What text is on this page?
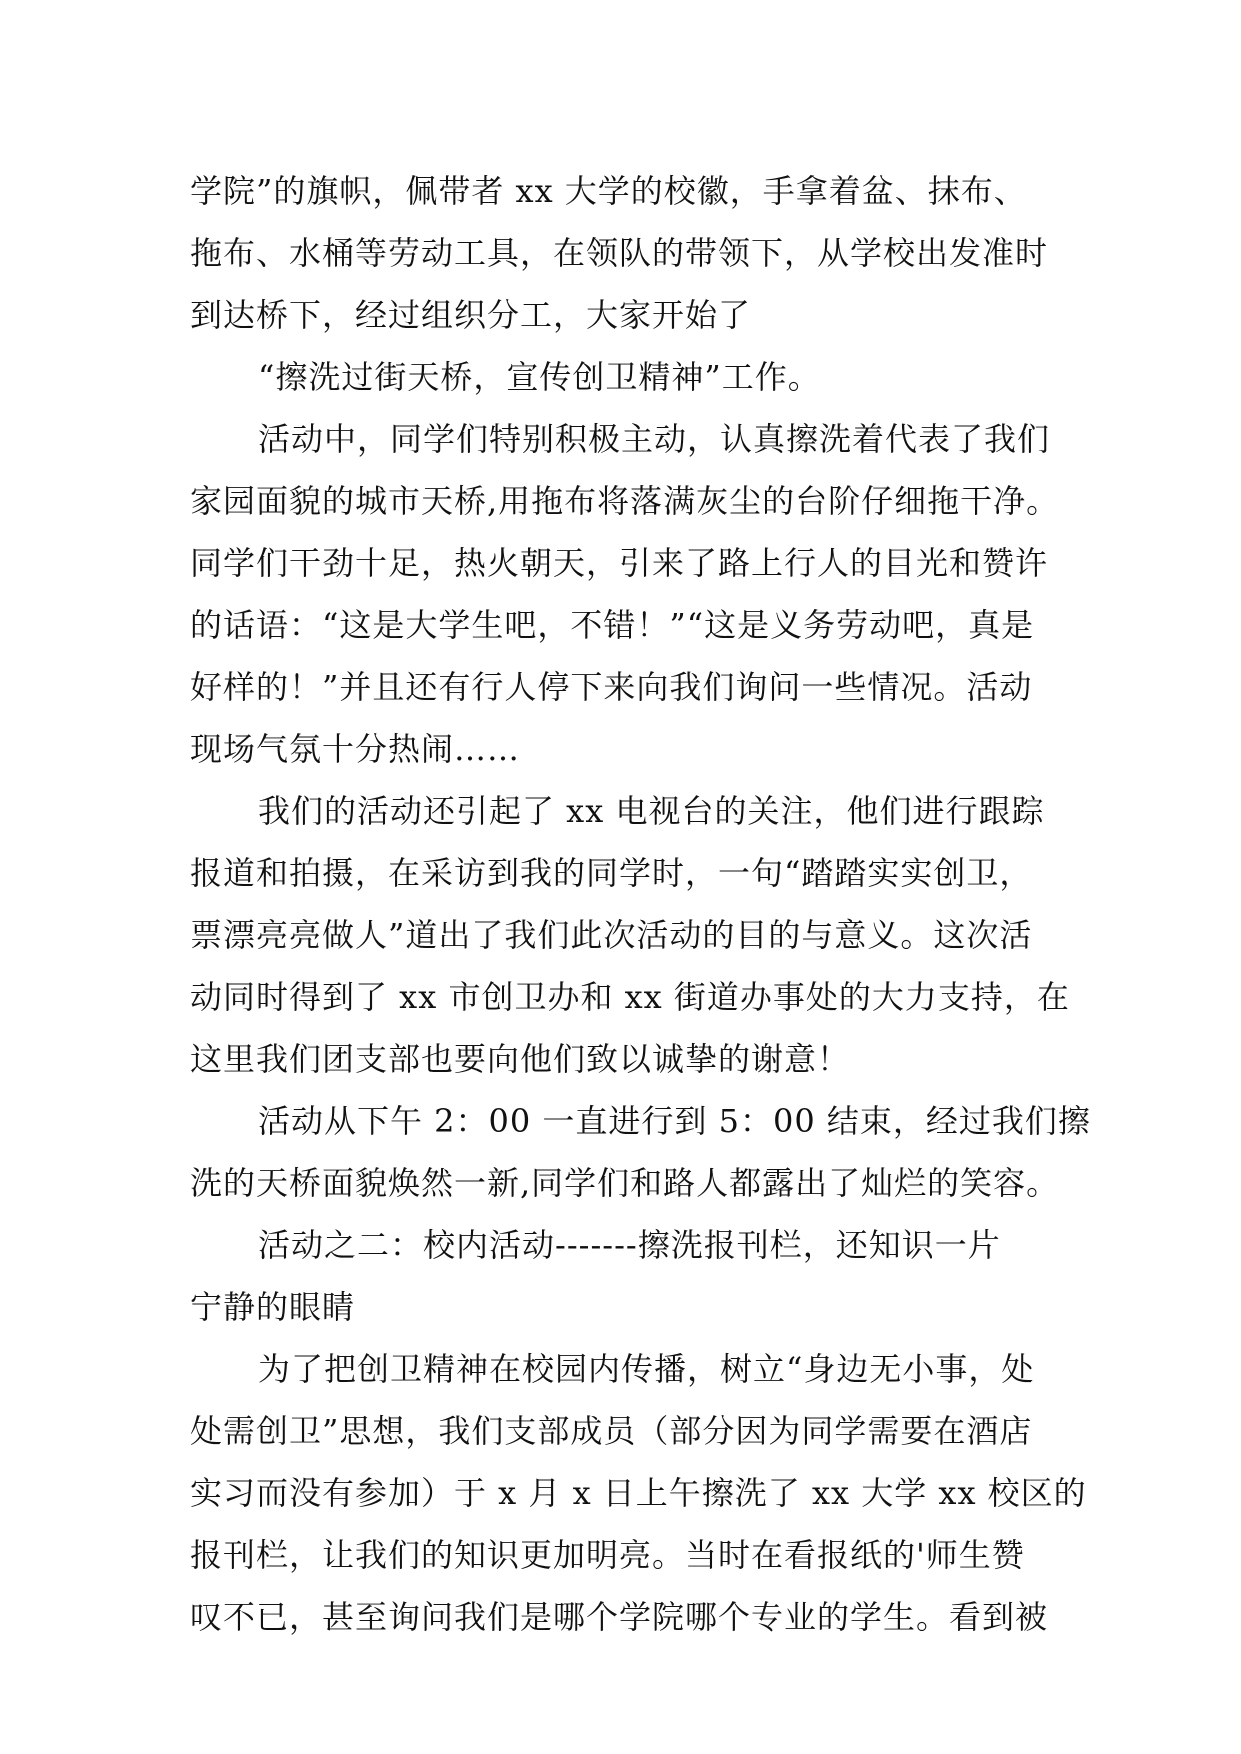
学院”的旗帜，佩带者 xx 大学的校徽，手拿着盆、抹布、
拖布、水桶等劳动工具，在领队的带领下，从学校出发准时
到达桥下，经过组织分工，大家开始了
“擦洗过街天桥，宣传创卫精神”工作。
活动中，同学们特别积极主动，认真擦洗着代表了我们
家园面貌的城市天桥,用拖布将落满灰尘的台阶仔细拖干净。
同学们干劲十足，热火朝天，引来了路上行人的目光和赞许
的话语：“这是大学生吧，不错！”“这是义务劳动吧，真是
好样的！”并且还有行人停下来向我们询问一些情况。活动
现场气氛十分热闹……
我们的活动还引起了 xx 电视台的关注，他们进行跟踪
报道和拍摄，在采访到我的同学时，一句“踏踏实实创卫，
票漂亮亮做人”道出了我们此次活动的目的与意义。这次活
动同时得到了 xx 市创卫办和 xx 街道办事处的大力支持，在
这里我们团支部也要向他们致以诚挚的谢意！
活动从下午 2：00 一直进行到 5：00 结束，经过我们擦
洗的天桥面貌焕然一新,同学们和路人都露出了灿烂的笑容。
活动之二：校内活动-------擦洗报刊栏，还知识一片
宁静的眼睛
为了把创卫精神在校园内传播，树立“身边无小事，处
处需创卫”思想，我们支部成员（部分因为同学需要在酒店
实习而没有参加）于 x 月 x 日上午擦洗了 xx 大学 xx 校区的
报刊栏，让我们的知识更加明亮。当时在看报纸的'师生赞
叹不已，甚至询问我们是哪个学院哪个专业的学生。看到被
